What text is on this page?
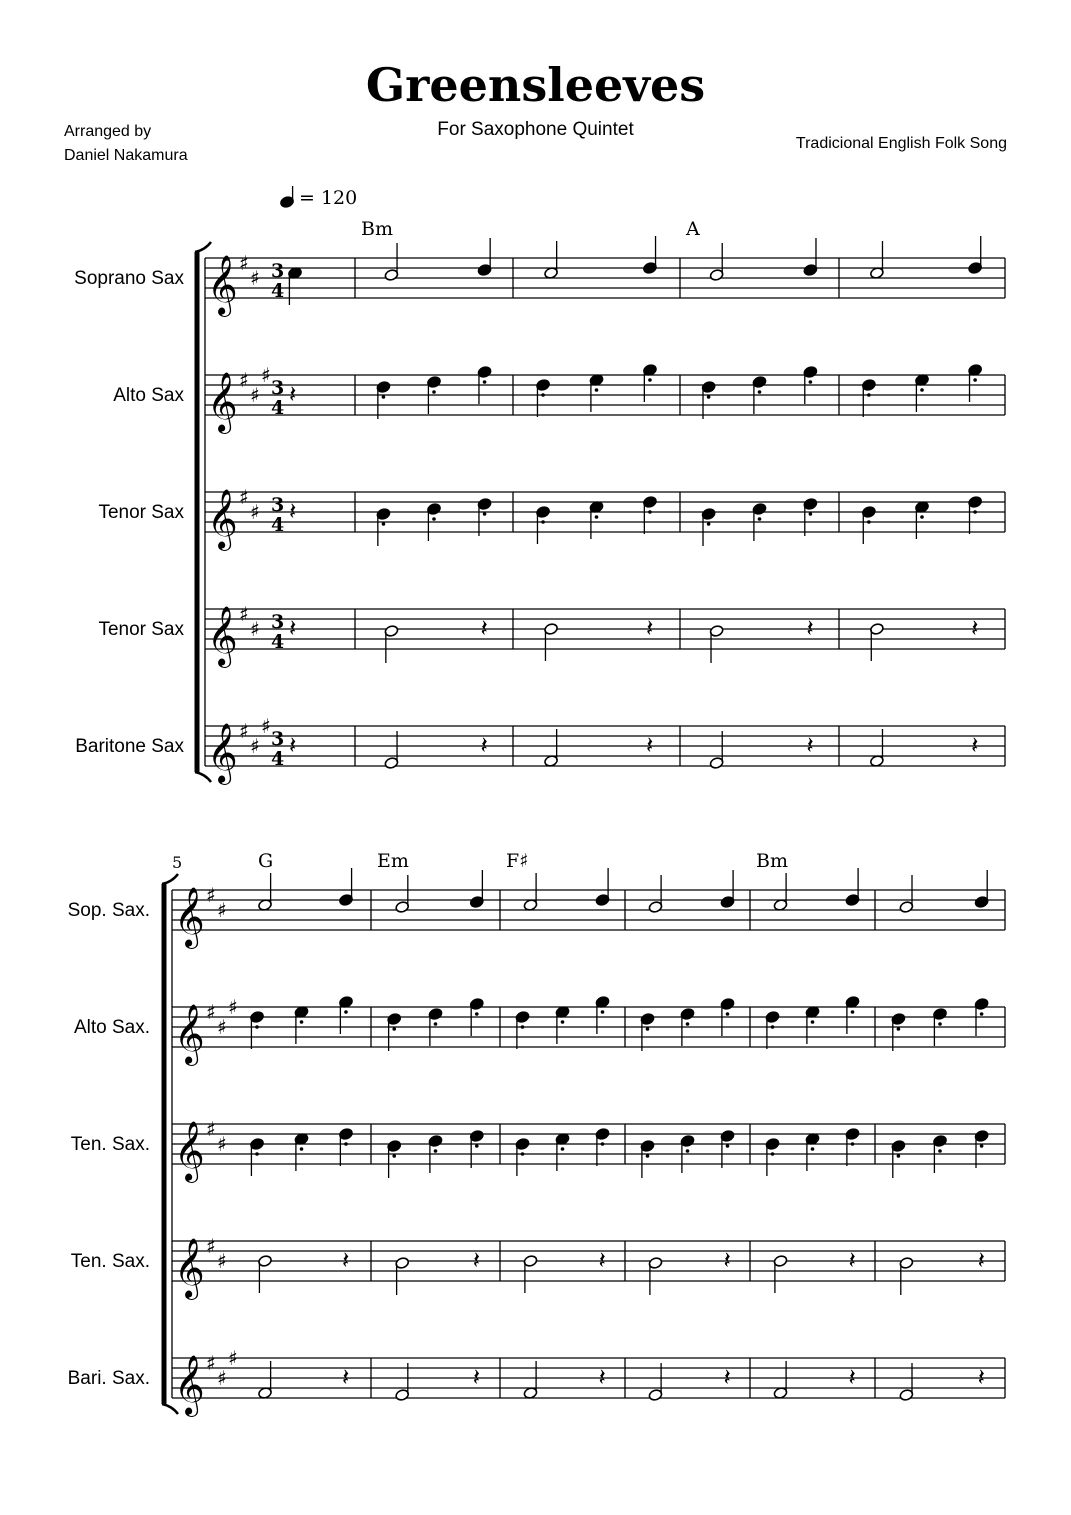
Greensleeves
For Saxophone Quintet
Arranged by
Daniel Nakamura
Tradicional English Folk Song
𝄞 ♯
♯
Soprano Sax	3
4
𝄞 ♯
♯
♯
Alto Sax	3
4 𝄽
𝄞 ♯
♯
Tenor Sax	3
4 𝄽
𝄞 ♯
♯
Tenor Sax	3
4 𝄽	𝄽	𝄽	𝄽	𝄽
𝄞 ♯
♯
♯
Baritone Sax	3
4 𝄽	𝄽	𝄽	𝄽	𝄽
Bm	A
𝄞 ♯
♯
Sop. Sax.
𝄞 ♯
♯
♯
Alto Sax.
𝄞 ♯
♯
Ten. Sax.
𝄞 ♯
♯
Ten. Sax.	𝄽	𝄽	𝄽	𝄽	𝄽
𝄽
𝄞 ♯
♯
♯
Bari. Sax.	𝄽	𝄽	𝄽	𝄽	𝄽
𝄽
G	Em	F♯	Bm
5
= 120
